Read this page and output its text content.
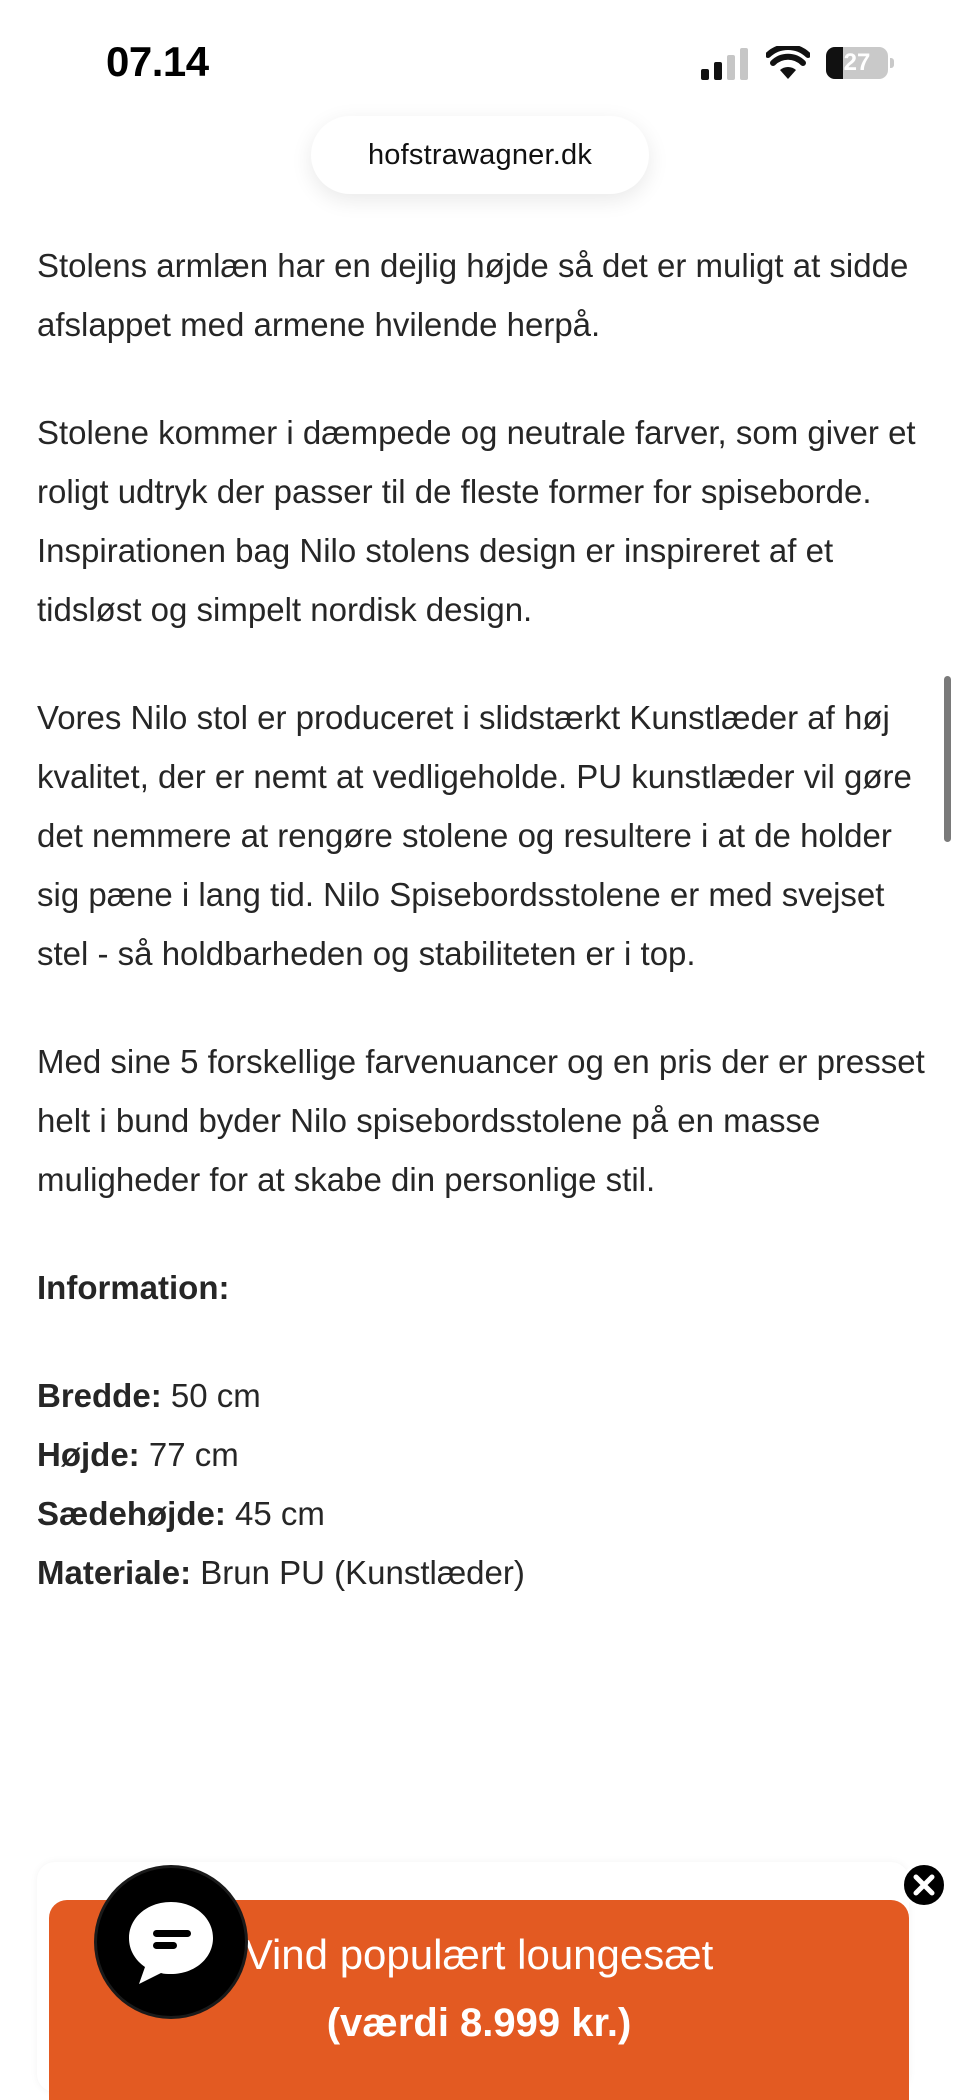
07.14	27
hofstrawagner.dk

Stolens armlæn har en dejlig højde så det er muligt at sidde afslappet med armene hvilende herpå.

Stolene kommer i dæmpede og neutrale farver, som giver et roligt udtryk der passer til de fleste former for spiseborde. Inspirationen bag Nilo stolens design er inspireret af et tidsløst og simpelt nordisk design.

Vores Nilo stol er produceret i slidstærkt Kunstlæder af høj kvalitet, der er nemt at vedligeholde. PU kunstlæder vil gøre det nemmere at rengøre stolene og resultere i at de holder sig pæne i lang tid. Nilo Spisebordsstolene er med svejset stel - så holdbarheden og stabiliteten er i top.

Med sine 5 forskellige farvenuancer og en pris der er presset helt i bund byder Nilo spisebordsstolene på en masse muligheder for at skabe din personlige stil.

Information:

Bredde: 50 cm
Højde: 77 cm
Sædehøjde: 45 cm
Materiale: Brun PU (Kunstlæder)
Vind populært loungesæt
(værdi 8.999 kr.)
